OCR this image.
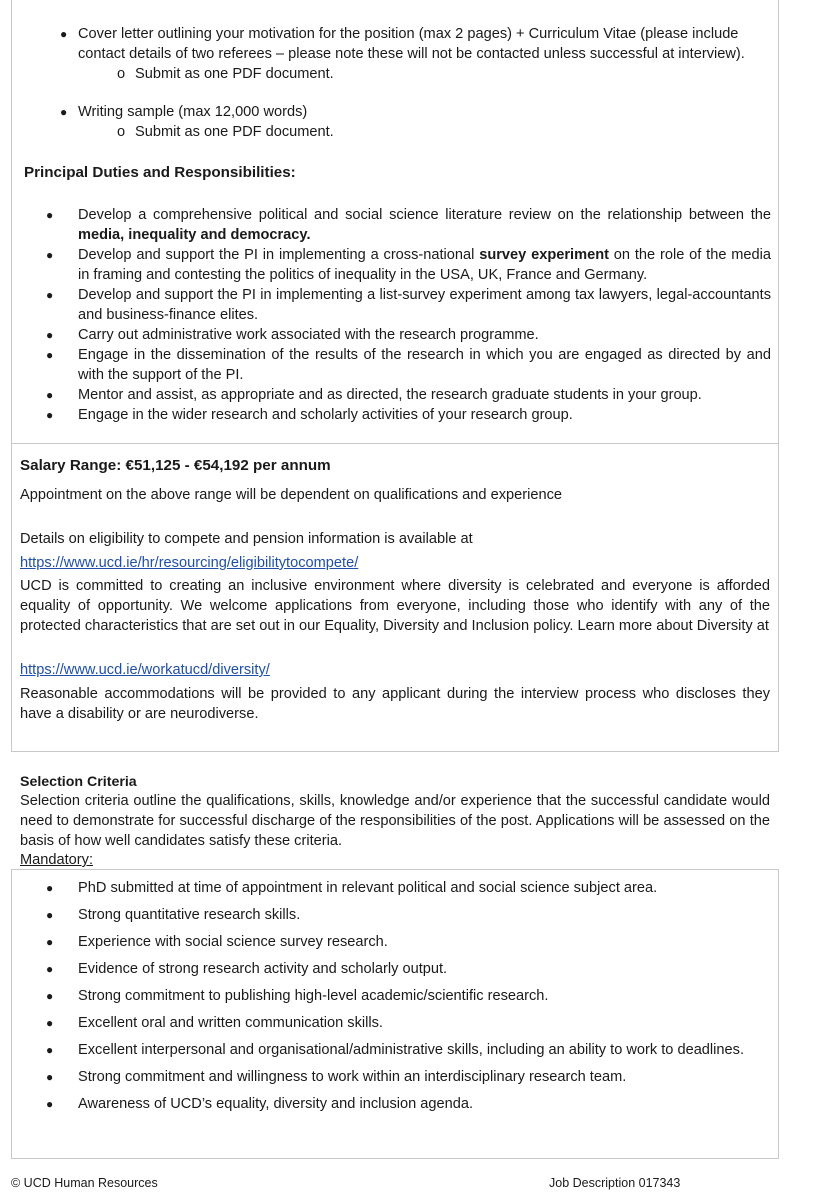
● Cover letter outlining your motivation for the position (max 2 pages) + Curriculum Vitae (please include contact details of two referees – please note these will not be contacted unless successful at interview).
o Submit as one PDF document.
● Writing sample (max 12,000 words)
o Submit as one PDF document.
Principal Duties and Responsibilities:
● Develop a comprehensive political and social science literature review on the relationship between the media, inequality and democracy.
● Develop and support the PI in implementing a cross-national survey experiment on the role of the media in framing and contesting the politics of inequality in the USA, UK, France and Germany.
● Develop and support the PI in implementing a list-survey experiment among tax lawyers, legal-accountants and business-finance elites.
● Carry out administrative work associated with the research programme.
● Engage in the dissemination of the results of the research in which you are engaged as directed by and with the support of the PI.
● Mentor and assist, as appropriate and as directed, the research graduate students in your group.
● Engage in the wider research and scholarly activities of your research group.
Salary Range: €51,125 - €54,192 per annum
Appointment on the above range will be dependent on qualifications and experience
Details on eligibility to compete and pension information is available at
https://www.ucd.ie/hr/resourcing/eligibilitytocompete/
UCD is committed to creating an inclusive environment where diversity is celebrated and everyone is afforded equality of opportunity. We welcome applications from everyone, including those who identify with any of the protected characteristics that are set out in our Equality, Diversity and Inclusion policy. Learn more about Diversity at
https://www.ucd.ie/workatucd/diversity/
Reasonable accommodations will be provided to any applicant during the interview process who discloses they have a disability or are neurodiverse.
Selection Criteria
Selection criteria outline the qualifications, skills, knowledge and/or experience that the successful candidate would need to demonstrate for successful discharge of the responsibilities of the post. Applications will be assessed on the basis of how well candidates satisfy these criteria.
Mandatory:
● PhD submitted at time of appointment in relevant political and social science subject area.
● Strong quantitative research skills.
● Experience with social science survey research.
● Evidence of strong research activity and scholarly output.
● Strong commitment to publishing high-level academic/scientific research.
● Excellent oral and written communication skills.
● Excellent interpersonal and organisational/administrative skills, including an ability to work to deadlines.
● Strong commitment and willingness to work within an interdisciplinary research team.
● Awareness of UCD’s equality, diversity and inclusion agenda.
© UCD Human Resources	Job Description 017343
